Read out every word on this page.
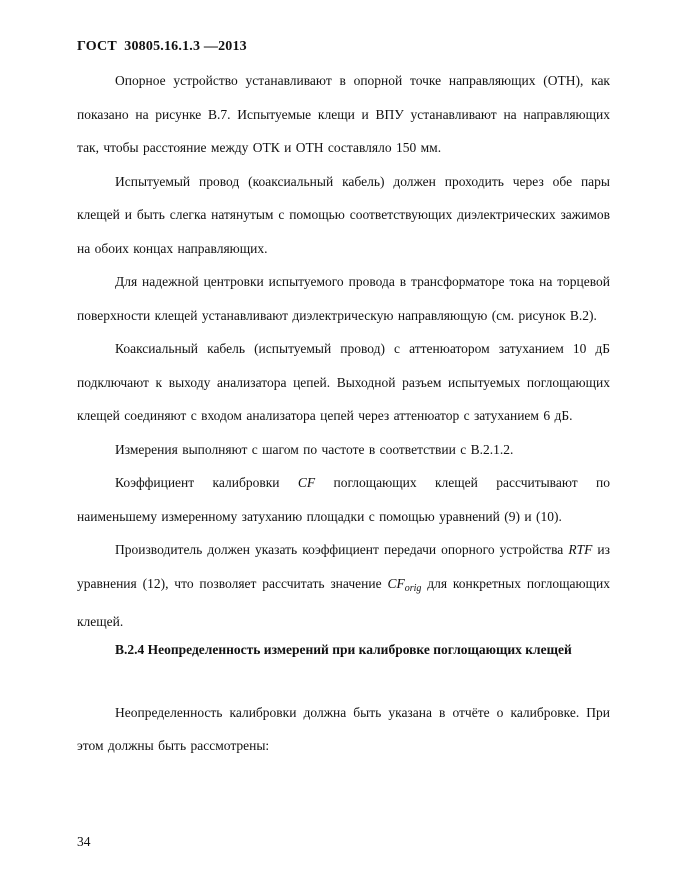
ГОСТ  30805.16.1.3 —2013

Опорное устройство устанавливают в опорной точке направляющих (ОТН), как показано на рисунке В.7. Испытуемые клещи и ВПУ устанавливают на направляющих так, чтобы расстояние между ОТК и ОТН составляло 150 мм.

Испытуемый провод (коаксиальный кабель) должен проходить через обе пары клещей и быть слегка натянутым с помощью соответствующих диэлектрических зажимов на обоих концах направляющих.

Для надежной центровки испытуемого провода в трансформаторе тока на торцевой поверхности клещей устанавливают диэлектрическую направляющую (см. рисунок В.2).

Коаксиальный кабель (испытуемый провод) с аттенюатором затуханием 10 дБ подключают к выходу анализатора цепей. Выходной разъем испытуемых поглощающих клещей соединяют с входом анализатора цепей через аттенюатор с затуханием 6 дБ.

Измерения выполняют с шагом по частоте в соответствии с В.2.1.2.

Коэффициент калибровки CF поглощающих клещей рассчитывают по наименьшему измеренному затуханию площадки с помощью уравнений (9) и (10).

Производитель должен указать коэффициент передачи опорного устройства RTF из уравнения (12), что позволяет рассчитать значение $CF_{orig}$ для конкретных поглощающих клещей.

В.2.4 Неопределенность измерений при калибровке поглощающих клещей

Неопределенность калибровки должна быть указана в отчёте о калибровке. При этом должны быть рассмотрены:

34
